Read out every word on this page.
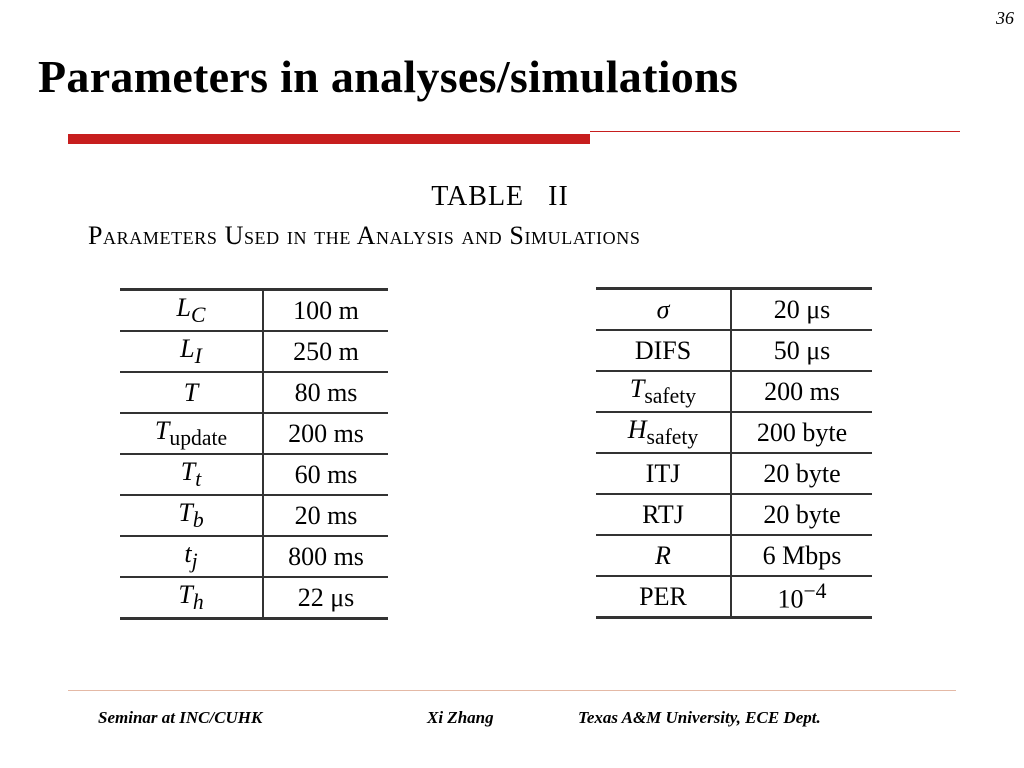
36
Parameters in analyses/simulations
TABLE   II
Parameters Used in the Analysis and Simulations
$L_C$	100 m
$L_I$	250 m
T	80 ms
$T_{update}$	200 ms
$T_t$	60 ms
$T_b$	20 ms
$t_j$	800 ms
$T_h$	22 μs
σ	20 μs
DIFS	50 μs
$T_{safety}$	200 ms
$H_{safety}$	200 byte
ITJ	20 byte
RTJ	20 byte
R	6 Mbps
PER	$10^{-4}$
Seminar at INC/CUHK	Xi Zhang	Texas A&M University, ECE Dept.
